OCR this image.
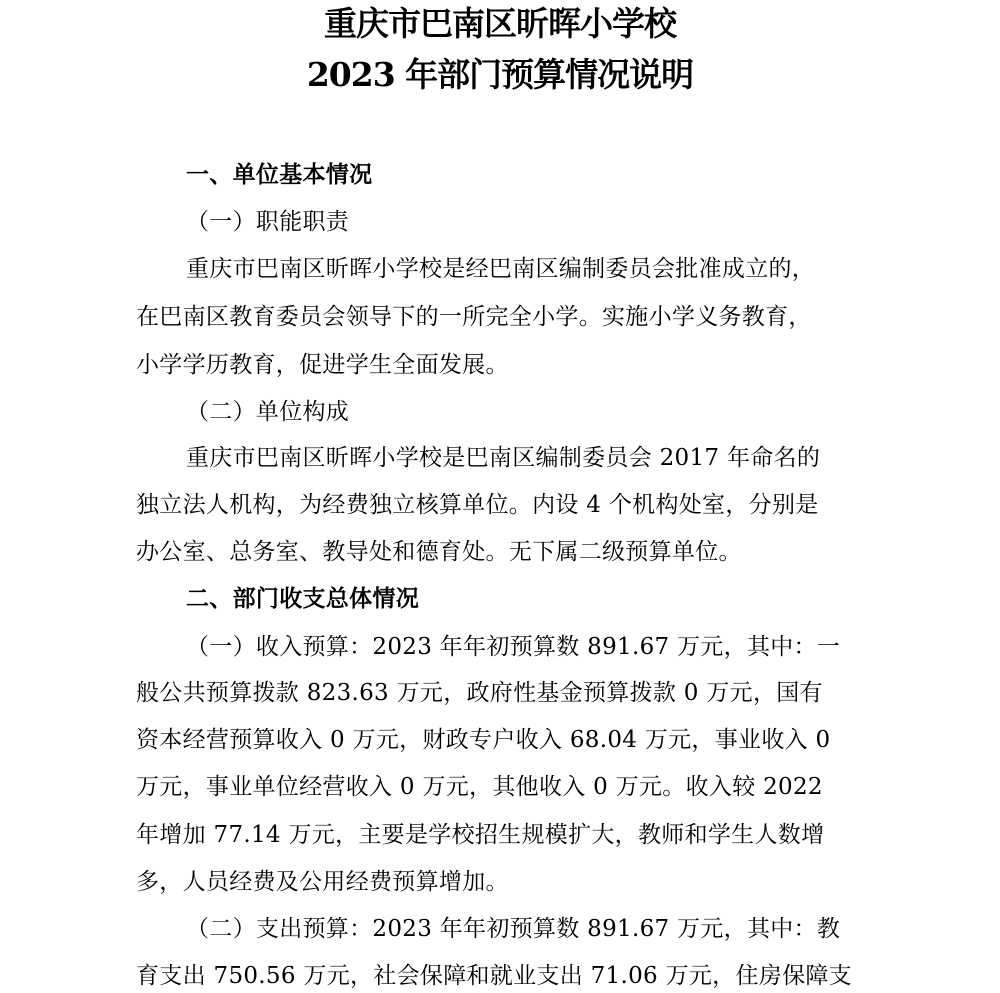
重庆市巴南区昕晖小学校
2023 年部门预算情况说明
一、单位基本情况
（一）职能职责
重庆市巴南区昕晖小学校是经巴南区编制委员会批准成立的，
在巴南区教育委员会领导下的一所完全小学。实施小学义务教育，
小学学历教育，促进学生全面发展。
（二）单位构成
重庆市巴南区昕晖小学校是巴南区编制委员会 2017 年命名的
独立法人机构，为经费独立核算单位。内设 4 个机构处室，分别是
办公室、总务室、教导处和德育处。无下属二级预算单位。
二、部门收支总体情况
（一）收入预算：2023 年年初预算数 891.67 万元，其中：一
般公共预算拨款 823.63 万元，政府性基金预算拨款 0 万元，国有
资本经营预算收入 0 万元，财政专户收入 68.04 万元，事业收入 0
万元，事业单位经营收入 0 万元，其他收入 0 万元。收入较 2022
年增加 77.14 万元，主要是学校招生规模扩大，教师和学生人数增
多，人员经费及公用经费预算增加。
（二）支出预算：2023 年年初预算数 891.67 万元，其中：教
育支出 750.56 万元，社会保障和就业支出 71.06 万元，住房保障支
